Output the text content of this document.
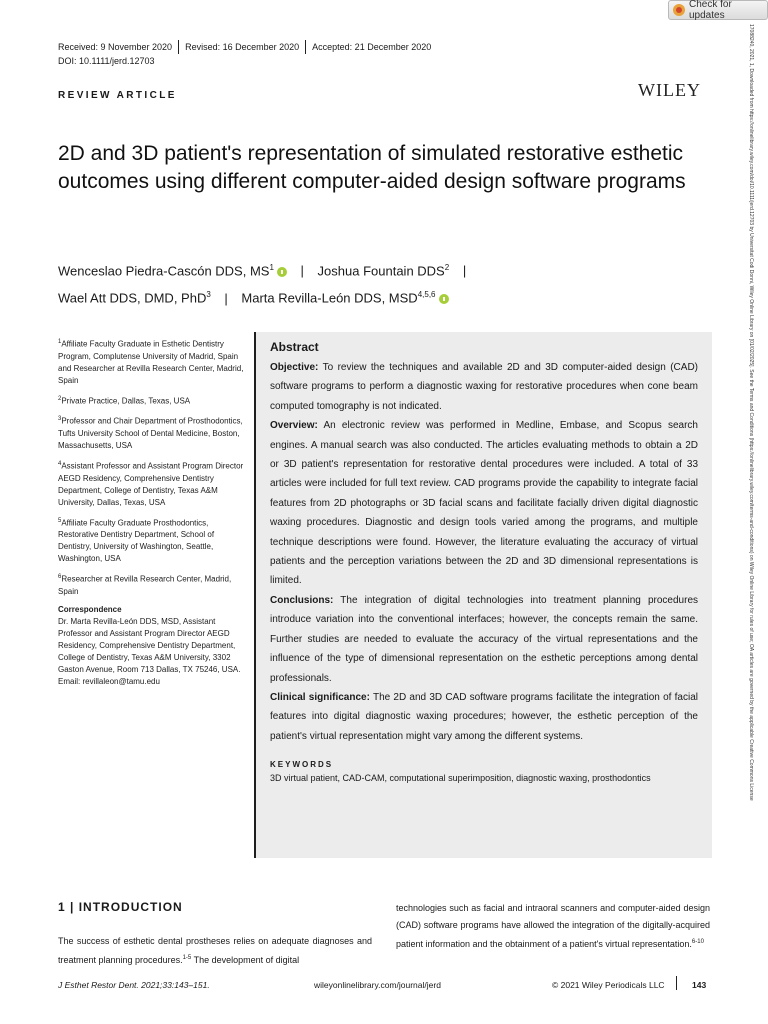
Check for updates
Received: 9 November 2020 Revised: 16 December 2020 Accepted: 21 December 2020
DOI: 10.1111/jerd.12703
REVIEW ARTICLE	WILEY
2D and 3D patient's representation of simulated restorative esthetic outcomes using different computer-aided design software programs
Wenceslao Piedra-Cascón DDS, $MS^1$ | Joshua Fountain DDS$^2$ |
Wael Att DDS, DMD, PhD$^3$ | Marta Revilla-León DDS, MSD$^{4,5,6}$

$^1$Affiliate Faculty Graduate in Esthetic Dentistry Program, Complutense University of Madrid, Spain and Researcher at Revilla Research Center, Madrid, Spain

$^2$Private Practice, Dallas, Texas, USA

$^3$Professor and Chair Department of Prosthodontics, Tufts University School of Dental Medicine, Boston, Massachusetts, USA

$^4$Assistant Professor and Assistant Program Director AEGD Residency, Comprehensive Dentistry Department, College of Dentistry, Texas A&M University, Dallas, Texas, USA

$^5$Affiliate Faculty Graduate Prosthodontics, Restorative Dentistry Department, School of Dentistry, University of Washington, Seattle, Washington, USA

$^6$Researcher at Revilla Research Center, Madrid, Spain

Correspondence
Dr. Marta Revilla-León DDS, MSD, Assistant Professor and Assistant Program Director AEGD Residency, Comprehensive Dentistry Department, College of Dentistry, Texas A&M University, 3302 Gaston Avenue, Room 713 Dallas, TX 75246, USA.
Email: revillaleon@tamu.edu
Abstract

Objective: To review the techniques and available 2D and 3D computer-aided design (CAD) software programs to perform a diagnostic waxing for restorative procedures when cone beam computed tomography is not indicated.

Overview: An electronic review was performed in Medline, Embase, and Scopus search engines. A manual search was also conducted. The articles evaluating methods to obtain a 2D or 3D patient's representation for restorative dental procedures were included. A total of 33 articles were included for full text review. CAD programs provide the capability to integrate facial features from 2D photographs or 3D facial scans and facilitate facially driven digital diagnostic waxing procedures. Diagnostic and design tools varied among the programs, and multiple technique descriptions were found. However, the literature evaluating the accuracy of virtual patients and the perception variations between the 2D and 3D dimensional representations is limited.

Conclusions: The integration of digital technologies into treatment planning procedures introduce variation into the conventional interfaces; however, the concepts remain the same. Further studies are needed to evaluate the accuracy of the virtual representations and the influence of the type of dimensional representation on the esthetic perceptions among dental professionals.

Clinical significance: The 2D and 3D CAD software programs facilitate the integration of facial features into digital diagnostic waxing procedures; however, the esthetic perception of the patient's virtual representation might vary among the different systems.

KEYWORDS
3D virtual patient, CAD-CAM, computational superimposition, diagnostic waxing, prosthodontics
1 | INTRODUCTION

The success of esthetic dental prostheses relies on adequate diagnoses and treatment planning procedures.$^{1-5}$ The development of digital

technologies such as facial and intraoral scanners and computer-aided design (CAD) software programs have allowed the integration of the digitally-acquired patient information and the obtainment of a patient's virtual representation.$^{6-10}$

J Esthet Restor Dent. 2021;33:143–151.	wileyonlinelibrary.com/journal/jerd	© 2021 Wiley Periodicals LLC	143
17088240, 2021, 1, Downloaded from https://onlinelibrary.wiley.com/doi/10.1111/jerd.12703 by Universitat Codi Donni, Wiley Online Library on [01/02/2025]. See the Terms and Conditions (https://onlinelibrary.wiley.com/terms-and-conditions) on Wiley Online Library for rules of use; OA articles are governed by the applicable Creative Commons License
